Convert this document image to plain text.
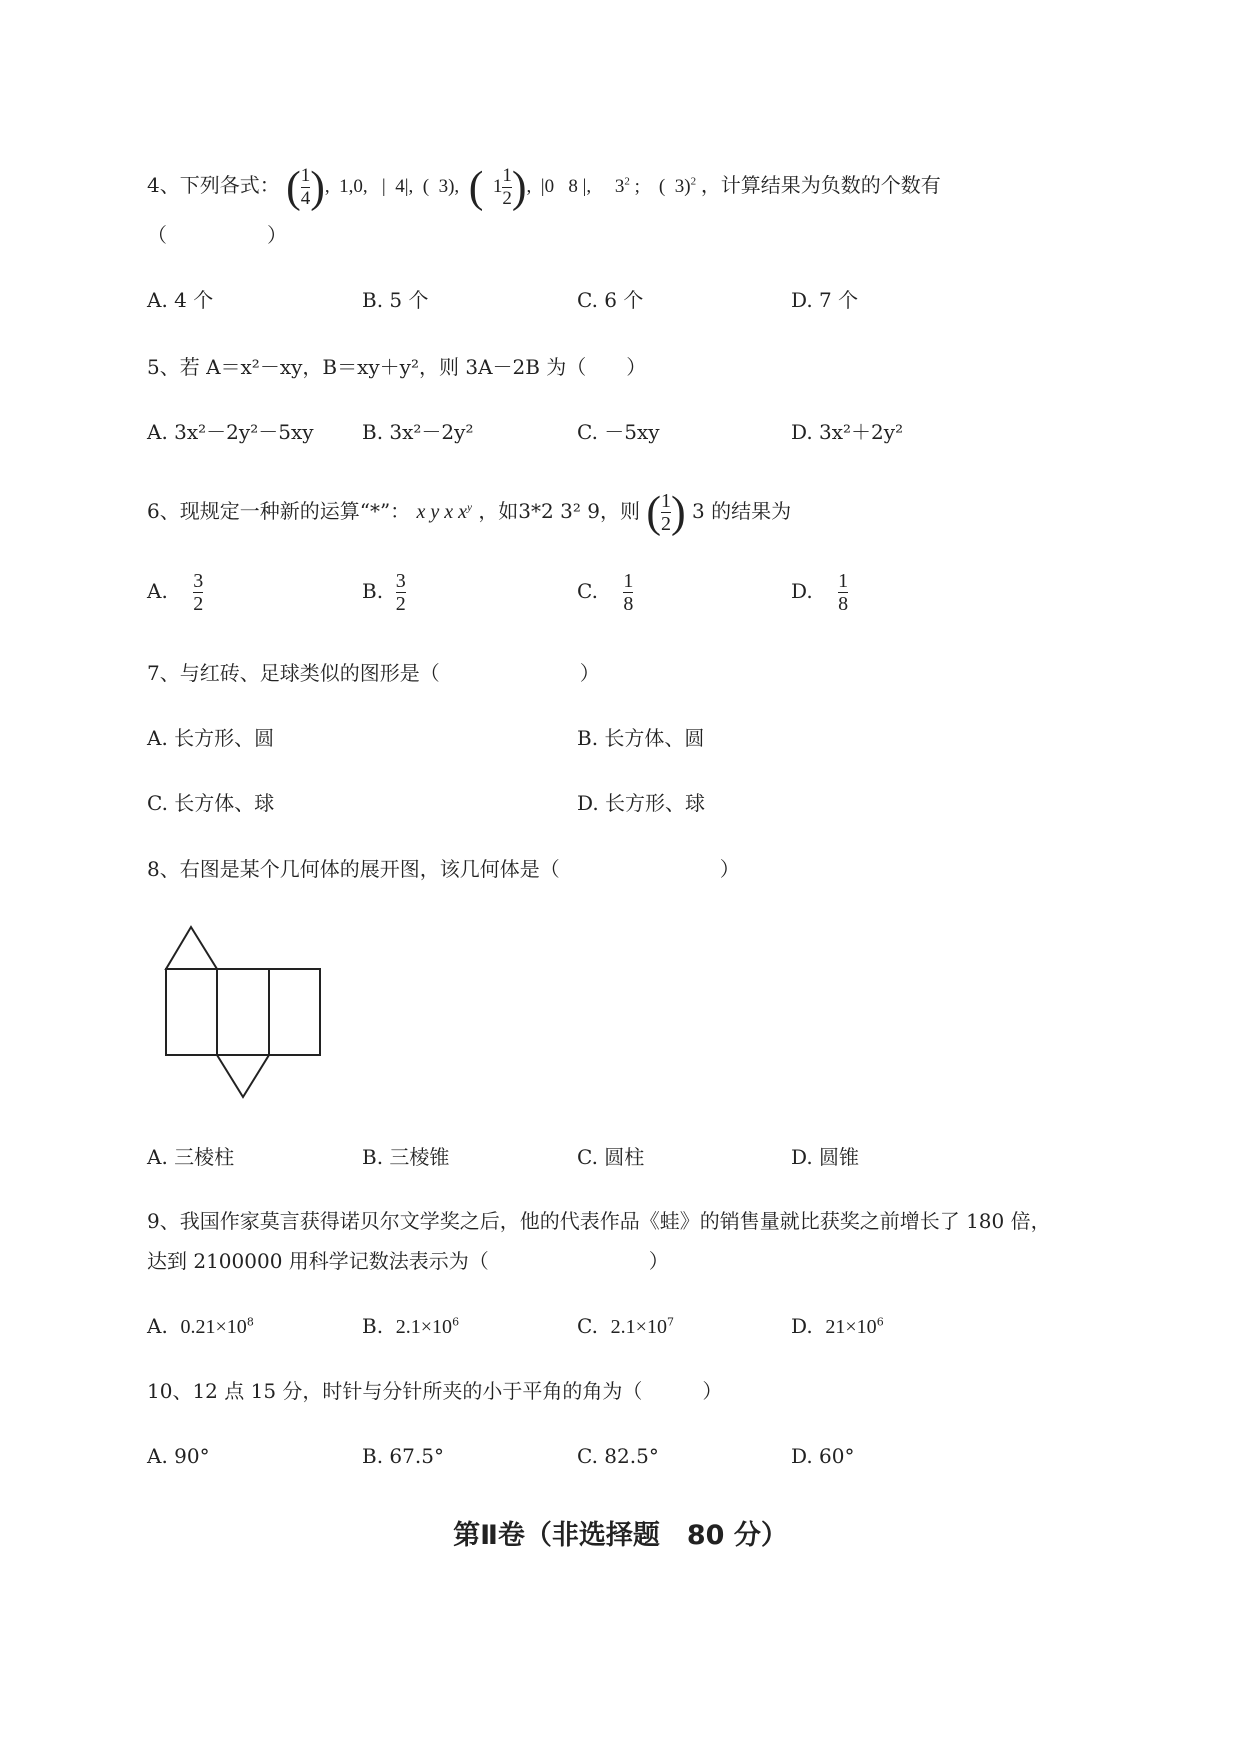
4、下列各式： ( $\frac{1}{4}$ ),  1,0,   |  4|,  (  3),  ( $1 \frac{1}{2}$ ),  |0 8 |,     $3^2$ ;    (  3)$^2$ ，计算结果为负数的个数有
（　　　　　）
A. 4 个	B. 5 个	C. 6 个	D. 7 个
5、若 A＝x²－xy，B＝xy＋y²，则 3A－2B 为（　　）
A. 3x²－2y²－5xy B. 3x²－2y²	C. －5xy	D. 3x²＋2y²
6、现规定一种新的运算“*”： x y x $x^y$ ，如3*2 3² 9，则 ( $\frac{1}{2}$ ) 3 的结果为
A. $\frac{3}{2}$	B. $\frac{3}{2}$	C. $\frac{1}{8}$	D. $\frac{1}{8}$
7、与红砖、足球类似的图形是（　　　　　　　）
A. 长方形、圆	B. 长方体、圆
C. 长方体、球	D. 长方形、球
8、右图是某个几何体的展开图，该几何体是（　　　　　　　　）
A. 三棱柱	B. 三棱锥	C. 圆柱	D. 圆锥
9、我国作家莫言获得诺贝尔文学奖之后，他的代表作品《蛙》的销售量就比获奖之前增长了 180 倍，
达到 2100000 用科学记数法表示为（　　　　　　　　）
A. $0.21\times 10^8$	B. $2.1\times 10^6$	C. $2.1\times 10^7$	D. $21\times 10^6$
10、12 点 15 分，时针与分针所夹的小于平角的角为（　　　）
A. 90°	B. 67.5°	C. 82.5°	D. 60°
第Ⅱ卷（非选择题　80 分）
